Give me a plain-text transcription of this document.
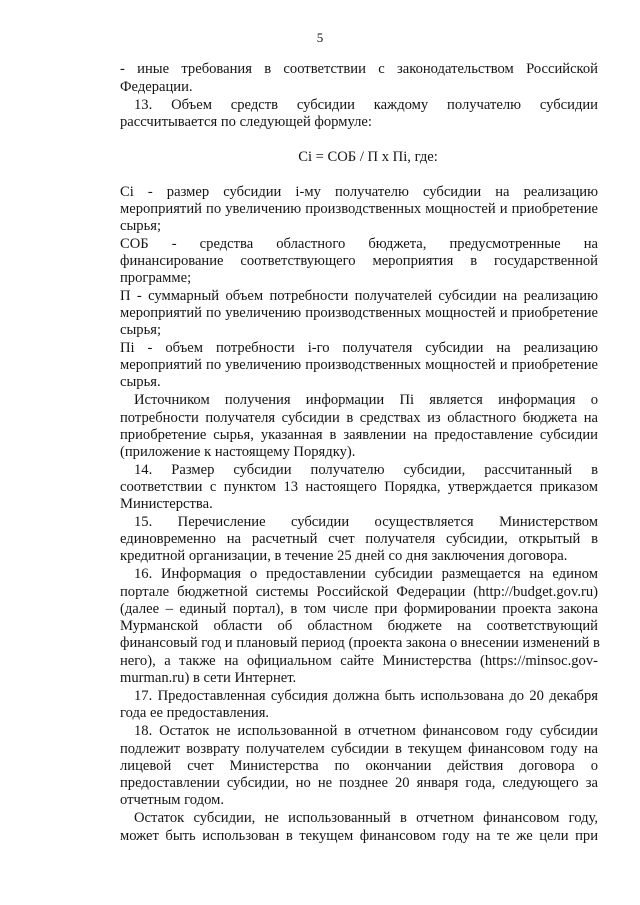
5
- иные требования в соответствии с законодательством Российской
Федерации.
13. Объем средств субсидии каждому получателю субсидии
рассчитывается по следующей формуле:
Сi = СОБ / П х Пi, где:
Сi - размер субсидии i-му получателю субсидии на реализацию
мероприятий по увеличению производственных мощностей и приобретение
сырья;
СОБ - средства областного бюджета, предусмотренные на
финансирование соответствующего мероприятия в государственной
программе;
П - суммарный объем потребности получателей субсидии на реализацию
мероприятий по увеличению производственных мощностей и приобретение
сырья;
Пi - объем потребности i-го получателя субсидии на реализацию
мероприятий по увеличению производственных мощностей и приобретение
сырья.
Источником получения информации Пi является информация о
потребности получателя субсидии в средствах из областного бюджета на
приобретение сырья, указанная в заявлении на предоставление субсидии
(приложение к настоящему Порядку).
14. Размер субсидии получателю субсидии, рассчитанный в
соответствии с пунктом 13 настоящего Порядка, утверждается приказом
Министерства.
15. Перечисление субсидии осуществляется Министерством
единовременно на расчетный счет получателя субсидии, открытый в
кредитной организации, в течение 25 дней со дня заключения договора.
16. Информация о предоставлении субсидии размещается на едином
портале бюджетной системы Российской Федерации (http://budget.gov.ru)
(далее – единый портал), в том числе при формировании проекта закона
Мурманской области об областном бюджете на соответствующий
финансовый год и плановый период (проекта закона о внесении изменений в
него), а также на официальном сайте Министерства (https://minsoc.gov-
murman.ru) в сети Интернет.
17. Предоставленная субсидия должна быть использована до 20 декабря
года ее предоставления.
18. Остаток не использованной в отчетном финансовом году субсидии
подлежит возврату получателем субсидии в текущем финансовом году на
лицевой счет Министерства по окончании действия договора о
предоставлении субсидии, но не позднее 20 января года, следующего за
отчетным годом.
Остаток субсидии, не использованный в отчетном финансовом году,
может быть использован в текущем финансовом году на те же цели при
